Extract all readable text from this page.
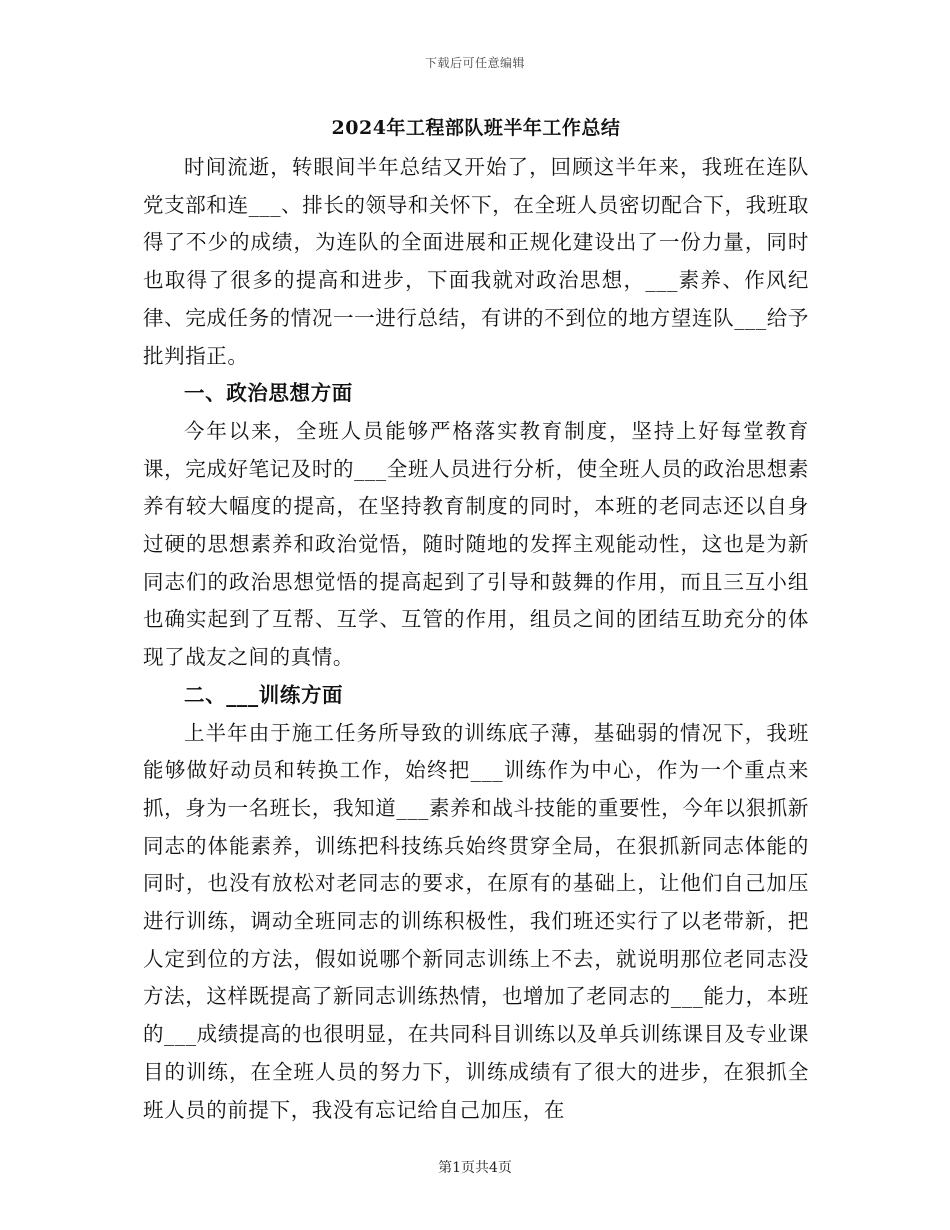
下载后可任意编辑
2024年工程部队班半年工作总结

时间流逝，转眼间半年总结又开始了，回顾这半年来，我班在连队党支部和连___、排长的领导和关怀下，在全班人员密切配合下，我班取得了不少的成绩，为连队的全面进展和正规化建设出了一份力量，同时也取得了很多的提高和进步，下面我就对政治思想，___素养、作风纪律、完成任务的情况一一进行总结，有讲的不到位的地方望连队___给予批判指正。

一、政治思想方面

今年以来，全班人员能够严格落实教育制度，坚持上好每堂教育课，完成好笔记及时的___全班人员进行分析，使全班人员的政治思想素养有较大幅度的提高，在坚持教育制度的同时，本班的老同志还以自身过硬的思想素养和政治觉悟，随时随地的发挥主观能动性，这也是为新同志们的政治思想觉悟的提高起到了引导和鼓舞的作用，而且三互小组也确实起到了互帮、互学、互管的作用，组员之间的团结互助充分的体现了战友之间的真情。

二、___训练方面

上半年由于施工任务所导致的训练底子薄，基础弱的情况下，我班能够做好动员和转换工作，始终把___训练作为中心，作为一个重点来抓，身为一名班长，我知道___素养和战斗技能的重要性，今年以狠抓新同志的体能素养，训练把科技练兵始终贯穿全局，在狠抓新同志体能的同时，也没有放松对老同志的要求，在原有的基础上，让他们自己加压进行训练，调动全班同志的训练积极性，我们班还实行了以老带新，把人定到位的方法，假如说哪个新同志训练上不去，就说明那位老同志没方法，这样既提高了新同志训练热情，也增加了老同志的___能力，本班的___成绩提高的也很明显，在共同科目训练以及单兵训练课目及专业课目的训练，在全班人员的努力下，训练成绩有了很大的进步，在狠抓全班人员的前提下，我没有忘记给自己加压，在

第1页共4页
